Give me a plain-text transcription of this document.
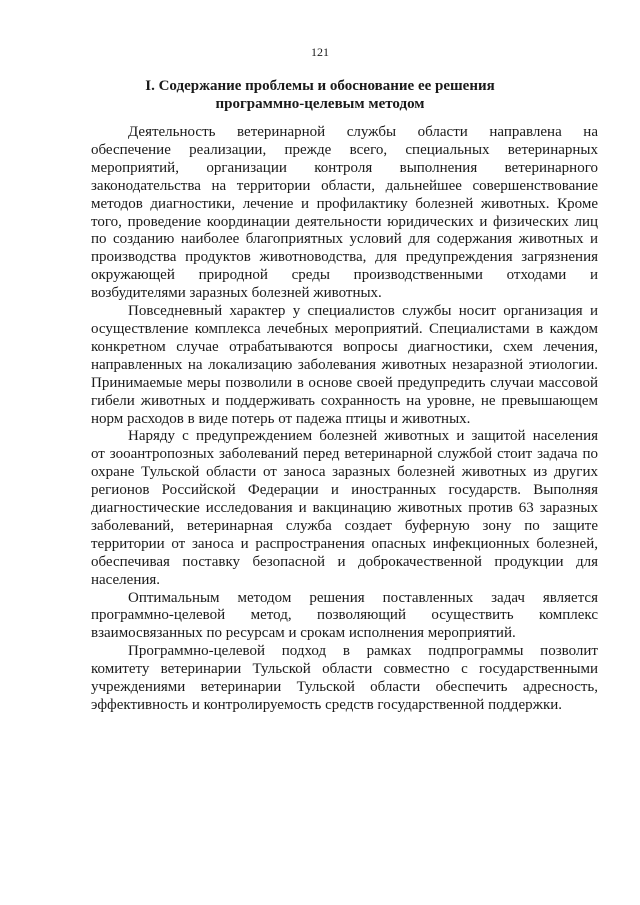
121
I. Содержание проблемы и обоснование ее решения
программно-целевым методом
Деятельность ветеринарной службы области направлена на
обеспечение реализации, прежде всего, специальных ветеринарных
мероприятий, организации контроля выполнения ветеринарного
законодательства на территории области, дальнейшее совершенствование
методов диагностики, лечение и профилактику болезней животных. Кроме
того, проведение координации деятельности юридических и физических лиц
по созданию наиболее благоприятных условий для содержания животных и
производства продуктов животноводства, для предупреждения загрязнения
окружающей природной среды производственными отходами и
возбудителями заразных болезней животных.
Повседневный характер у специалистов службы носит организация и
осуществление комплекса лечебных мероприятий. Специалистами в каждом
конкретном случае отрабатываются вопросы диагностики, схем лечения,
направленных на локализацию заболевания животных незаразной этиологии.
Принимаемые меры позволили в основе своей предупредить случаи массовой
гибели животных и поддерживать сохранность на уровне, не превышающем
норм расходов в виде потерь от падежа птицы и животных.
Наряду с предупреждением болезней животных и защитой населения
от зооантропозных заболеваний перед ветеринарной службой стоит задача по
охране Тульской области от заноса заразных болезней животных из других
регионов Российской Федерации и иностранных государств. Выполняя
диагностические исследования и вакцинацию животных против 63 заразных
заболеваний, ветеринарная служба создает буферную зону по защите
территории от заноса и распространения опасных инфекционных болезней,
обеспечивая поставку безопасной и доброкачественной продукции для
населения.
Оптимальным методом решения поставленных задач является
программно-целевой метод, позволяющий осуществить комплекс
взаимосвязанных по ресурсам и срокам исполнения мероприятий.
Программно-целевой подход в рамках подпрограммы позволит
комитету ветеринарии Тульской области совместно с государственными
учреждениями ветеринарии Тульской области обеспечить адресность,
эффективность и контролируемость средств государственной поддержки.
